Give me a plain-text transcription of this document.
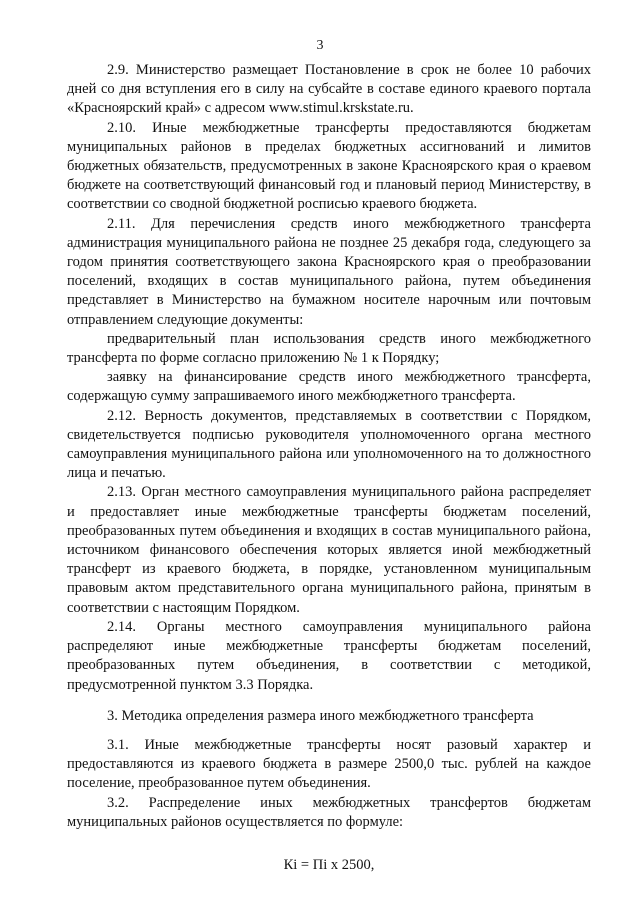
3

2.9. Министерство размещает Постановление в срок не более 10 рабочих дней со дня вступления его в силу на субсайте в составе единого краевого портала «Красноярский край» с адресом www.stimul.krskstate.ru.

2.10. Иные межбюджетные трансферты предоставляются бюджетам муниципальных районов в пределах бюджетных ассигнований и лимитов бюджетных обязательств, предусмотренных в законе Красноярского края о краевом бюджете на соответствующий финансовый год и плановый период Министерству, в соответствии со сводной бюджетной росписью краевого бюджета.

2.11. Для перечисления средств иного межбюджетного трансферта администрация муниципального района не позднее 25 декабря года, следующего за годом принятия соответствующего закона Красноярского края о преобразовании поселений, входящих в состав муниципального района, путем объединения представляет в Министерство на бумажном носителе нарочным или почтовым отправлением следующие документы:

предварительный план использования средств иного межбюджетного трансферта по форме согласно приложению № 1 к Порядку;

заявку на финансирование средств иного межбюджетного трансферта, содержащую сумму запрашиваемого иного межбюджетного трансферта.

2.12. Верность документов, представляемых в соответствии с Порядком, свидетельствуется подписью руководителя уполномоченного органа местного самоуправления муниципального района или уполномоченного на то должностного лица и печатью.

2.13. Орган местного самоуправления муниципального района распределяет и предоставляет иные межбюджетные трансферты бюджетам поселений, преобразованных путем объединения и входящих в состав муниципального района, источником финансового обеспечения которых является иной межбюджетный трансферт из краевого бюджета, в порядке, установленном муниципальным правовым актом представительного органа муниципального района, принятым в соответствии с настоящим Порядком.

2.14. Органы местного самоуправления муниципального района распределяют иные межбюджетные трансферты бюджетам поселений, преобразованных путем объединения, в соответствии с методикой, предусмотренной пунктом 3.3 Порядка.

3. Методика определения размера иного межбюджетного трансферта

3.1. Иные межбюджетные трансферты носят разовый характер и предоставляются из краевого бюджета в размере 2500,0 тыс. рублей на каждое поселение, преобразованное путем объединения.

3.2. Распределение иных межбюджетных трансфертов бюджетам муниципальных районов осуществляется по формуле:

Кi = Пi х 2500,
